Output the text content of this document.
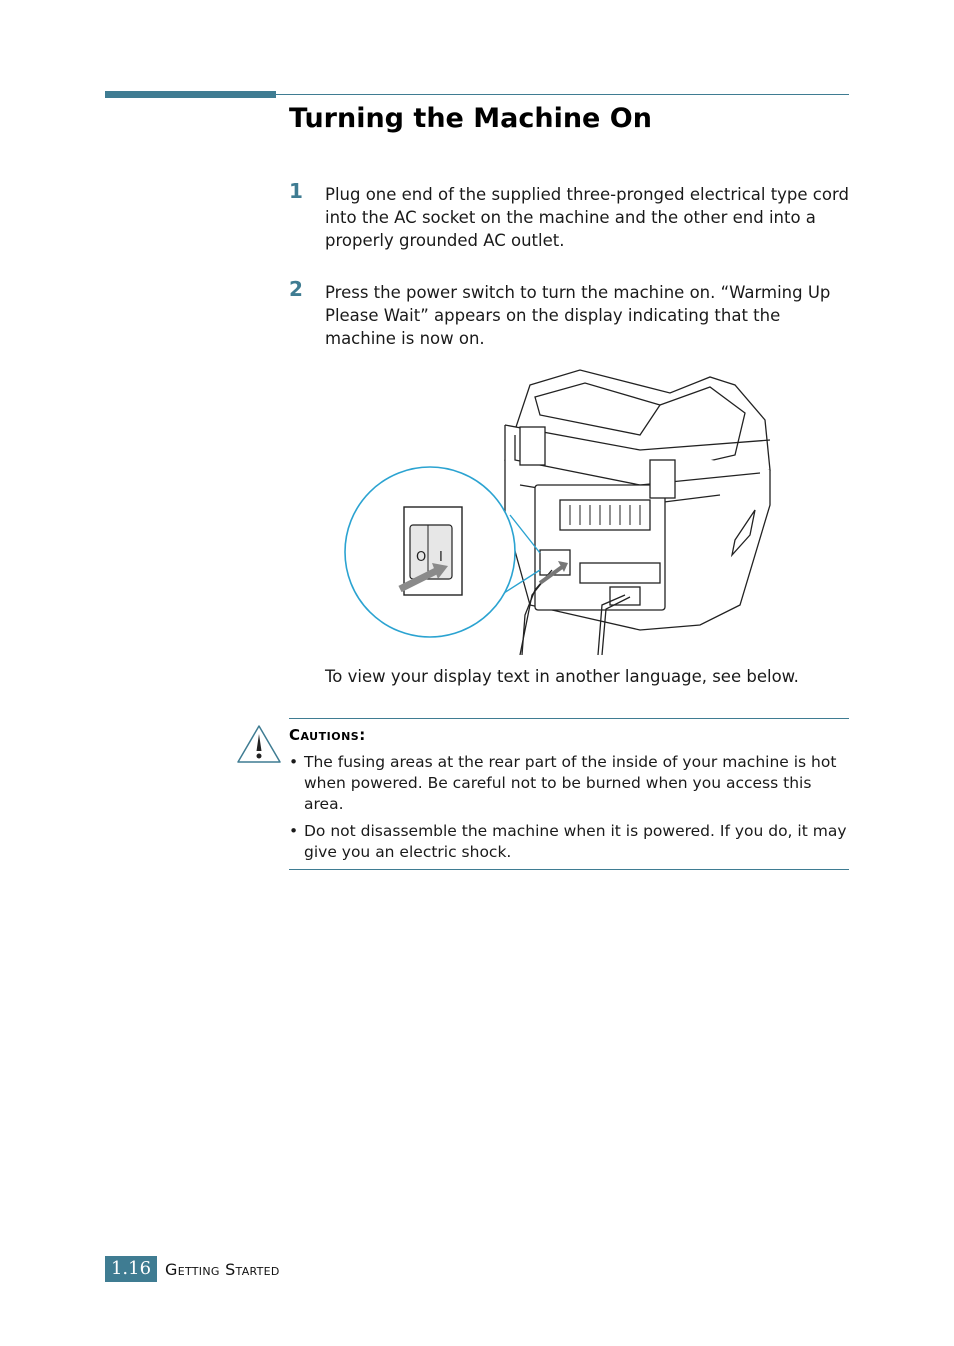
Turning the Machine On
1 Plug one end of the supplied three-pronged electrical type cord into the AC socket on the machine and the other end into a properly grounded AC outlet.
2 Press the power switch to turn the machine on. “Warming Up Please Wait” appears on the display indicating that the machine is now on.
O I
To view your display text in another language, see below.
Cautions:
• The fusing areas at the rear part of the inside of your machine is hot when powered. Be careful not to be burned when you access this area.
• Do not disassemble the machine when it is powered. If you do, it may give you an electric shock.
1.16 Getting Started
